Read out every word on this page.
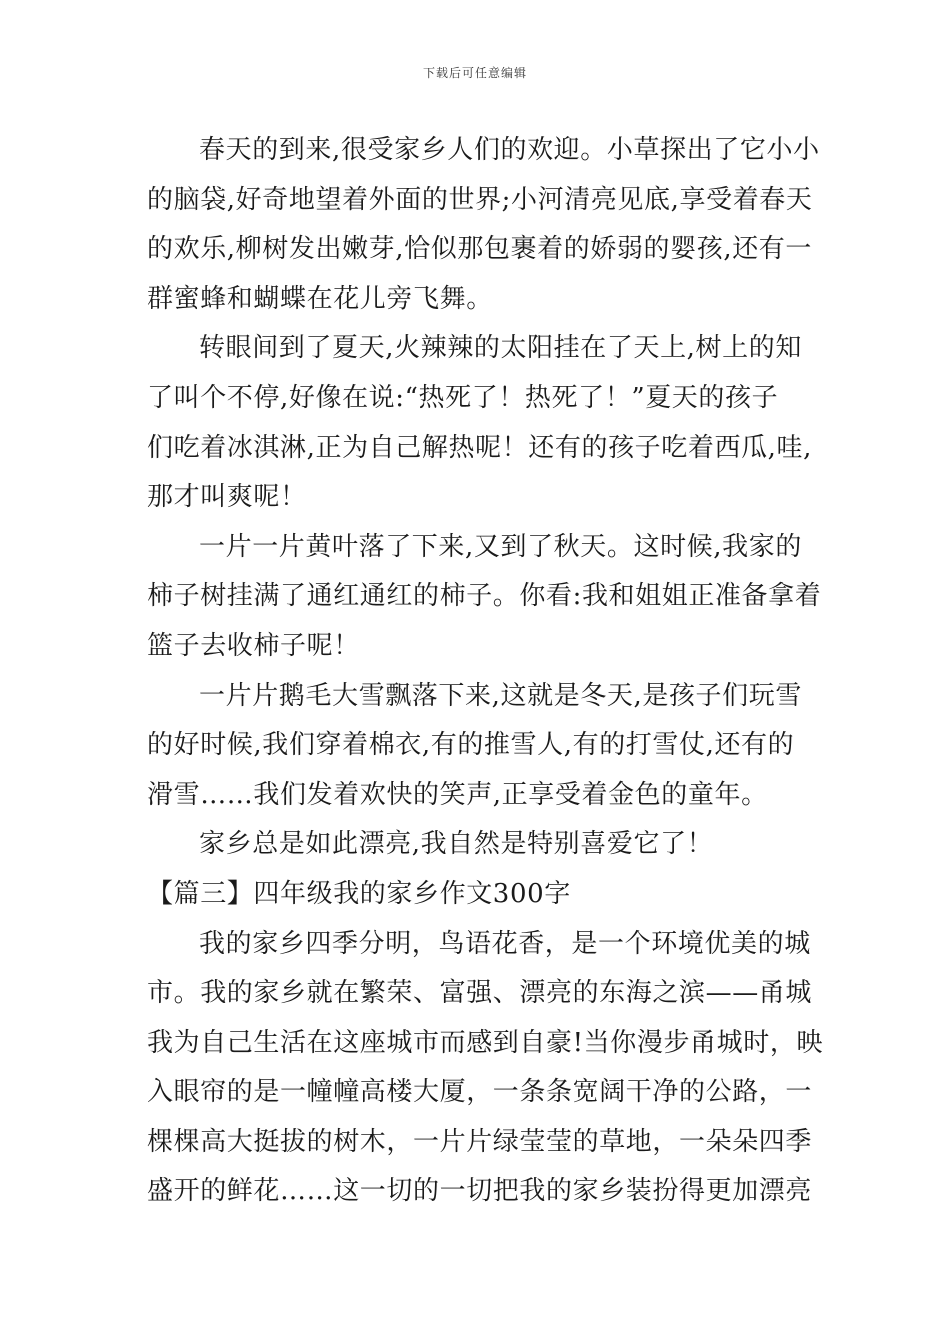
下载后可任意编辑
春天的到来,很受家乡人们的欢迎。小草探出了它小小
的脑袋,好奇地望着外面的世界;小河清亮见底,享受着春天
的欢乐,柳树发出嫩芽,恰似那包裹着的娇弱的婴孩,还有一
群蜜蜂和蝴蝶在花儿旁飞舞。
转眼间到了夏天,火辣辣的太阳挂在了天上,树上的知
了叫个不停,好像在说:“热死了！热死了！”夏天的孩子
们吃着冰淇淋,正为自己解热呢！还有的孩子吃着西瓜,哇,
那才叫爽呢！
一片一片黄叶落了下来,又到了秋天。这时候,我家的
柿子树挂满了通红通红的柿子。你看:我和姐姐正准备拿着
篮子去收柿子呢！
一片片鹅毛大雪飘落下来,这就是冬天,是孩子们玩雪
的好时候,我们穿着棉衣,有的推雪人,有的打雪仗,还有的
滑雪……我们发着欢快的笑声,正享受着金色的童年。
家乡总是如此漂亮,我自然是特别喜爱它了！
【篇三】四年级我的家乡作文300字
我的家乡四季分明，鸟语花香，是一个环境优美的城
市。我的家乡就在繁荣、富强、漂亮的东海之滨——甬城
我为自己生活在这座城市而感到自豪!当你漫步甬城时，映
入眼帘的是一幢幢高楼大厦，一条条宽阔干净的公路，一
棵棵高大挺拔的树木，一片片绿莹莹的草地，一朵朵四季
盛开的鲜花……这一切的一切把我的家乡装扮得更加漂亮
